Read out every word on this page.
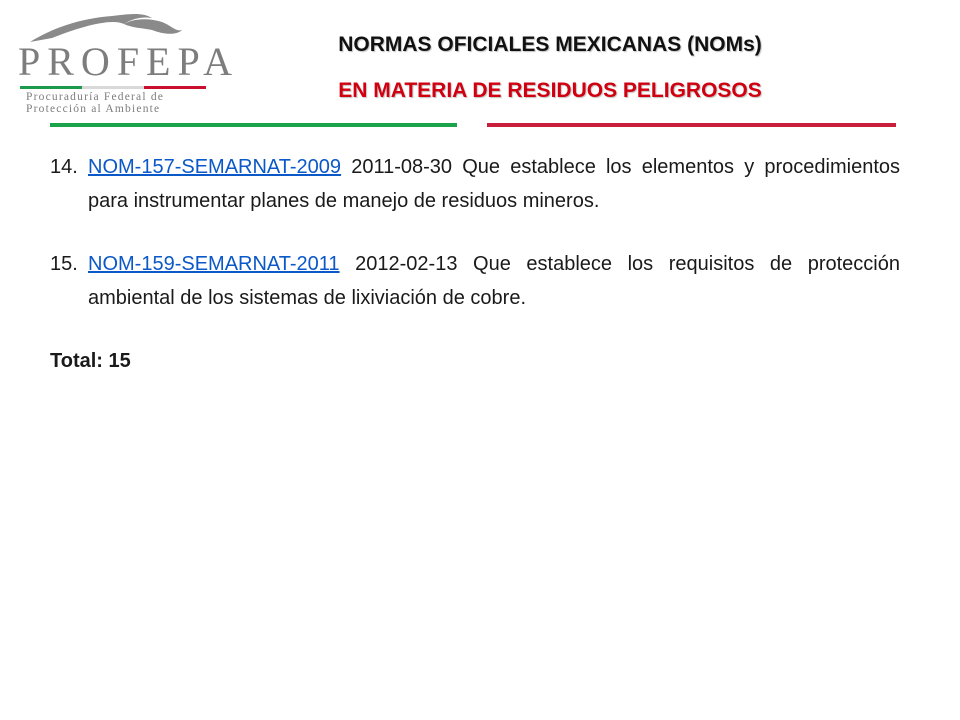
PROFEPA
Procuraduría Federal de
Protección al Ambiente
NORMAS OFICIALES MEXICANAS (NOMs)
EN MATERIA DE RESIDUOS PELIGROSOS
14. NOM-157-SEMARNAT-2009 2011-08-30 Que establece los elementos y procedimientos para instrumentar planes de manejo de residuos mineros.
15. NOM-159-SEMARNAT-2011 2012-02-13 Que establece los requisitos de protección ambiental de los sistemas de lixiviación de cobre.
Total: 15
